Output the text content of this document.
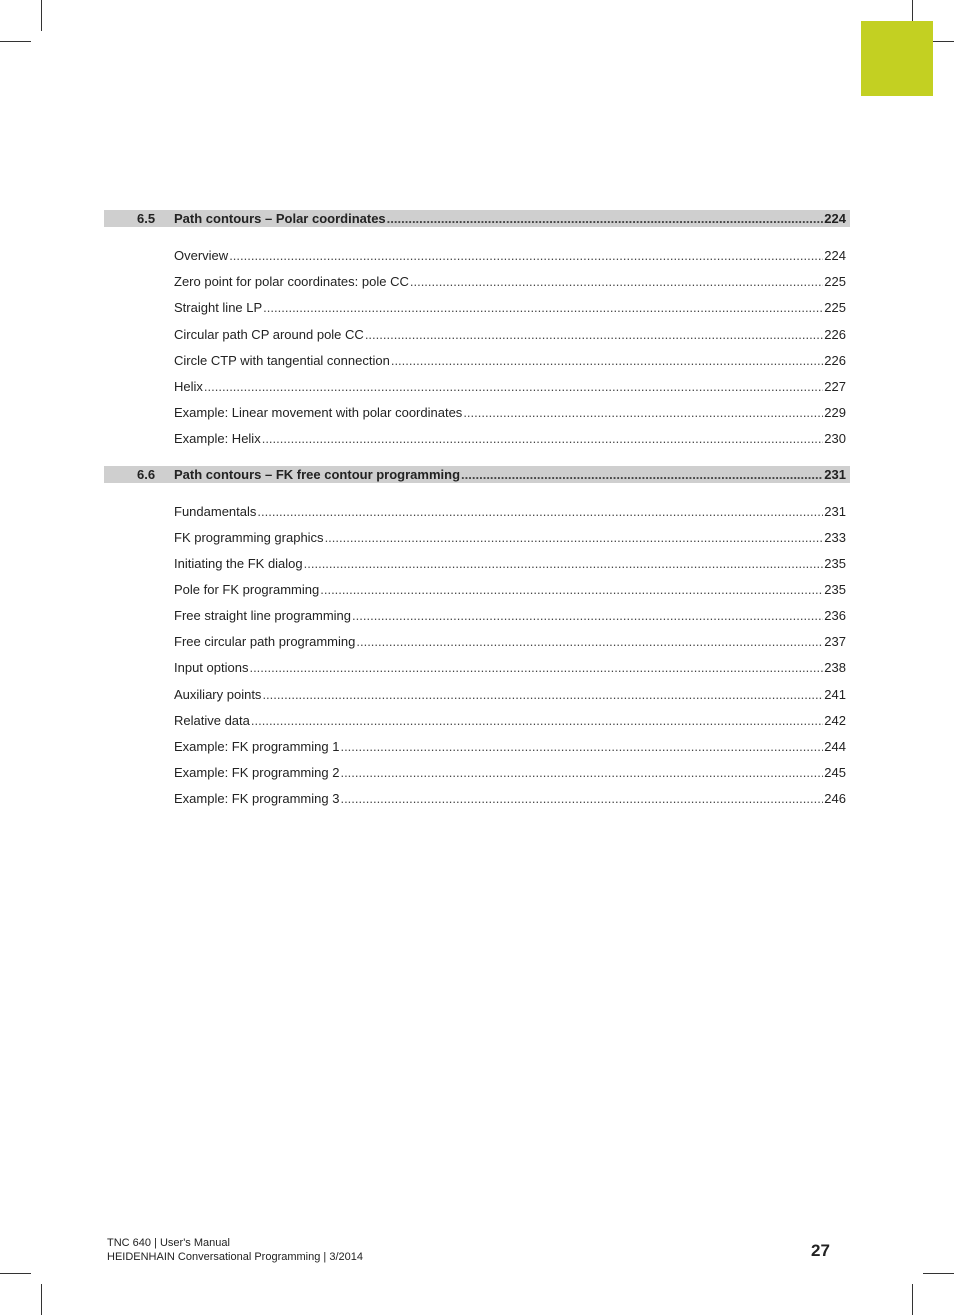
6.5 Path contours – Polar coordinates .....	224
Overview .....	224
Zero point for polar coordinates: pole CC .....	225
Straight line LP .....	225
Circular path CP around pole CC .....	226
Circle CTP with tangential connection .....	226
Helix .....	227
Example: Linear movement with polar coordinates .....	229
Example: Helix .....	230
6.6 Path contours – FK free contour programming .....	231
Fundamentals .....	231
FK programming graphics .....	233
Initiating the FK dialog .....	235
Pole for FK programming .....	235
Free straight line programming .....	236
Free circular path programming .....	237
Input options .....	238
Auxiliary points .....	241
Relative data .....	242
Example: FK programming 1 .....	244
Example: FK programming 2 .....	245
Example: FK programming 3 .....	246
TNC 640 | User's Manual
HEIDENHAIN Conversational Programming | 3/2014	27
